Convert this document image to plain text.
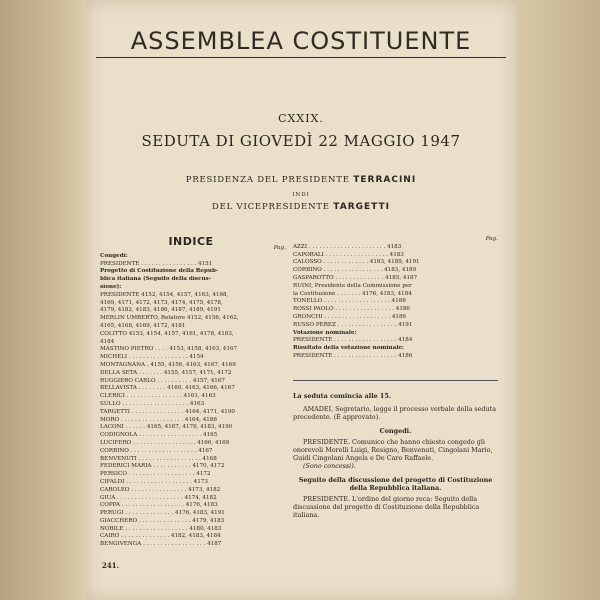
ASSEMBLEA COSTITUENTE
CXXIX.
SEDUTA DI GIOVEDÌ 22 MAGGIO 1947
PRESIDENZA DEL PRESIDENTE TERRACINI
INDI
DEL VICEPRESIDENTE TARGETTI
INDICE	Pag.
Congedi:
PRESIDENTE . . . . . . . . . . . . . . . . 4151
Progetto di Costituzione della Repub-
blica italiana (Seguito della discus-
sione):
PRESIDENTE 4152, 4154, 4157, 4163, 4168,
4169, 4171, 4172, 4173, 4174, 4175, 4178,
4179, 4182, 4183, 4186, 4187, 4189, 4191
MERLIN UMBERTO, Relatore 4152, 4156, 4162,
4165, 4168, 4169, 4172, 4181
COLITTO 4153, 4154, 4157, 4161, 4178, 4183,
4184
MASTINO PIETRO . . . . 4153, 4158, 4163, 4167
MICHELI . . . . . . . . . . . . . . . . . 4154
MONTAGNANA . 4155, 4156, 4163, 4167, 4169
DELLA SETA . . . . . . . 4155, 4157, 4171, 4172
RUGGIERO CARLO . . . . . . . . . . 4157, 4167
BELLAVISTA . . . . . . . . 4160, 4163, 4166, 4167
CLERICI . . . . . . . . . . . . . . . . 4161, 4163
SULLO . . . . . . . . . . . . . . . . . . . 4163
TARGETTI . . . . . . . . . . . . . . . 4164, 4171, 4190
MORO . . . . . . . . . . . . . . . . . . 4164, 4186
LACONI . . . . . . 4165, 4167, 4176, 4183, 4190
CODIGNOLA . . . . . . . . . . . . . . . . . . 4165
LUCIFERO . . . . . . . . . . . . . . . . . . 4166, 4169
CORBINO . . . . . . . . . . . . . . . . . . . 4167
BENVENUTI . . . . . . . . . . . . . . . . . . 4168
FEDERICI MARIA . . . . . . . . . . . 4170, 4172
PERSICO . . . . . . . . . . . . . . . . . . . 4172
CIFALDI . . . . . . . . . . . . . . . . . . . 4173
CAROLEO . . . . . . . . . . . . . . . . 4173, 4182
GIUA . . . . . . . . . . . . . . . . . . . 4174, 4182
COPPA . . . . . . . . . . . . . . . . . . 4176, 4183
PERUGI . . . . . . . . . . . . . . 4176, 4183, 4191
GIACCHERO . . . . . . . . . . . . . . . 4179, 4183
NOBILE . . . . . . . . . . . . . . . . . . 4180, 4183
CAIRO . . . . . . . . . . . . . . 4182, 4183, 4184
BENGIVENGA . . . . . . . . . . . . . . . . . . 4187
Pag.
AZZI . . . . . . . . . . . . . . . . . . . . . . 4183
CAPORALI . . . . . . . . . . . . . . . . . . 4183
CALOSSO . . . . . . . . . . . . . 4183, 4189, 4191
CORBINO . . . . . . . . . . . . . . . . . 4183, 4189
GASPAROTTO . . . . . . . . . . . . . . 4185, 4187
RUINI, Presidente della Commissione per
la Costituzione . . . . . . . 4176, 4183, 4184
TONELLO . . . . . . . . . . . . . . . . . . . 4186
ROSSI PAOLO . . . . . . . . . . . . . . . . . 4186
GRONCHI . . . . . . . . . . . . . . . . . . . 4186
RUSSO PEREZ . . . . . . . . . . . . . . . . . 4191
Votazione nominale:
PRESIDENTE . . . . . . . . . . . . . . . . . . 4184
Risultato della votazione nominale:
PRESIDENTE . . . . . . . . . . . . . . . . . . 4186
La seduta comincia alle 15.
AMADEI, Segretario, legge il processo verbale della seduta precedente. (È approvato).
Congedi.
PRESIDENTE. Comunico che hanno chiesto congedo gli onorevoli Morelli Luigi, Resigno, Benvenuti, Cingolani Mario, Guidi Cingolani Angela e De Caro Raffaele.
(Sono concessi).
Seguito della discussione del progetto di Costituzione della Repubblica italiana.
PRESIDENTE. L'ordine del giorno reca: Seguito della discussione del progetto di Costituzione della Repubblica italiana.
241.
